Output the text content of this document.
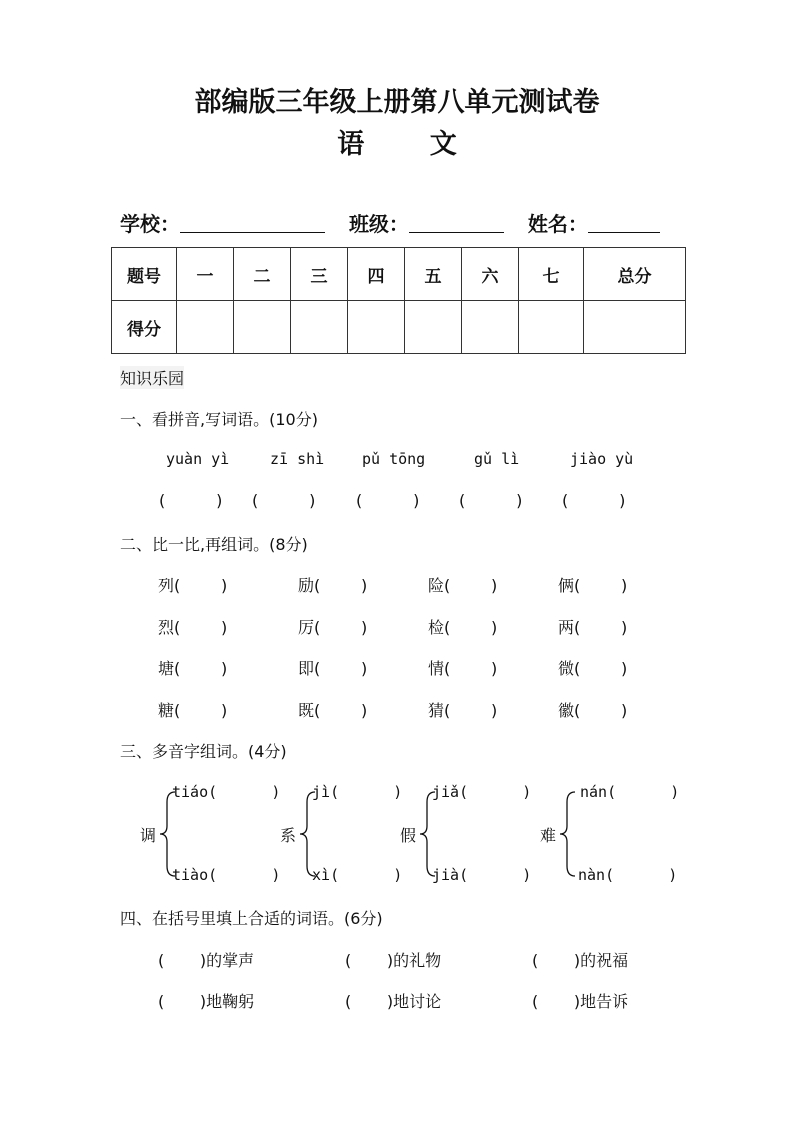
部编版三年级上册第八单元测试卷
语 文
学校：	班级：	姓名：
题号	一	二	三	四	五	六	七	总分
得分								
知识乐园
一、看拼音,写词语。(10分)
yuàn yì	zī shì	pǔ tōng	gǔ lì	jiào yù
(          ) (          )	(          ) (          ) (          )
二、比一比,再组词。(8分)
列(        )	励(        )	险(        )	俩(        )
烈(        )	厉(        )	检(        )	两(        )
塘(        )	即(        )	情(        )	微(        )
糖(        )	既(        )	猜(        )	徽(        )
三、多音字组词。(4分)
调
tiáo(      )
tiào(      )
系
jì(      )
xì(      )
假
jiǎ(      )
jià(      )
难
nán(      )
nàn(      )
四、在括号里填上合适的词语。(6分)
(       )的掌声	(       )的礼物	(       )的祝福
(       )地鞠躬	(       )地讨论	(       )地告诉
